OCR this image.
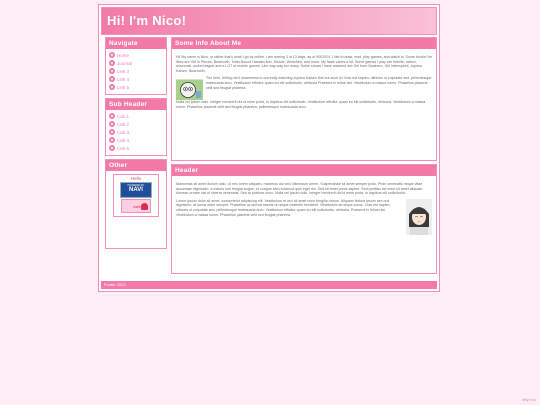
Hi! I'm Nico!
Navigate
Home
Journal
Link 3
Link 4
Link 5
Sub Header
Link 1
Link 2
Link 3
Link 4
Link 5
Other
Hello
POWERED BY
NAVI
cake!
Some Info About Me
Hi! My name is Nico, or rather that's what I go by online. I am turning 3 in 13 days, as of 9/5/2024. I like to draw, read, play games, and watch tv. Some books I've liked are Girl in Pieces, Beartooth, Toilet-Bound Hanako-kun, Drizzle, Wretched, and more. My taste varies a lot. Some games I play are fortnite, roblox, minecraft, rocket league and a LOT of mobile games. Like way way too many. Some shows I have watched are Girl from Nowhere, Girl interrupted, Jujutsu Kaisen, Beartooth,
The teen, telling me it shameless to currently watching Jujutsu Kaisen this but such is! Cras est sapien, ultricies ut vulputate sed, pellentesque malesuada arcu. Vestibulum efficitur quam eu elit sollicitudin, vehicula Praesent in tellus nisl. Vestibulum a massa lorem. Phasellus placerat velit sed feugiat pharetra.
Nulla vel ipsum odio. Integer hendrerit dui id enim porta, in dapibus elit sollicitudin. Vestibulum efficitur quam eu elit sollicitudin, vehicula. Vestibulum a massa lorem. Phasellus placerat velit sed feugiat pharetra, pellentesque malesuada arcu.
Header
Maecenas sit amet dictum odio. Ut nec lorem aliquam, maximus dui sed, bibendum lorem. Suspendisse sit amet semper justo. Proin venenatis neque vitae accumsan dignissim, a mauris non feugiat augue, et congue arcu euismod quis eget dui. Sed sit amet purus sapien. Sed porttitor vel enim sit amet aliquam. Aenean ornare nisi et viverra venenatis. Sed at pulvinar nunc. Nulla vel ipsum odio. Integer hendrerit dui id enim porta, in dapibus elit sollicitudin.
Lorem ipsum dolor sit amet, consectetur adipiscing elit. Vestibulum et orci sit amet nunc fringilla rutrum. Aliquam finibus ipsum nec orci dignissim, at luctus dolor semper. Phasellus ac lacinia mauris ut neque molestie hendrerit. Vestibulum at neque purus. Cras est sapien, ultricies ut vulputate sed, pellentesque malesuada arcu. Vestibulum efficitur quam eu elit sollicitudin, vehicula. Praesent in tellus nisl. Vestibulum a massa lorem. Phasellus placerat velit sed feugiat pharetra.
Footer 2023
tiffy.neo
